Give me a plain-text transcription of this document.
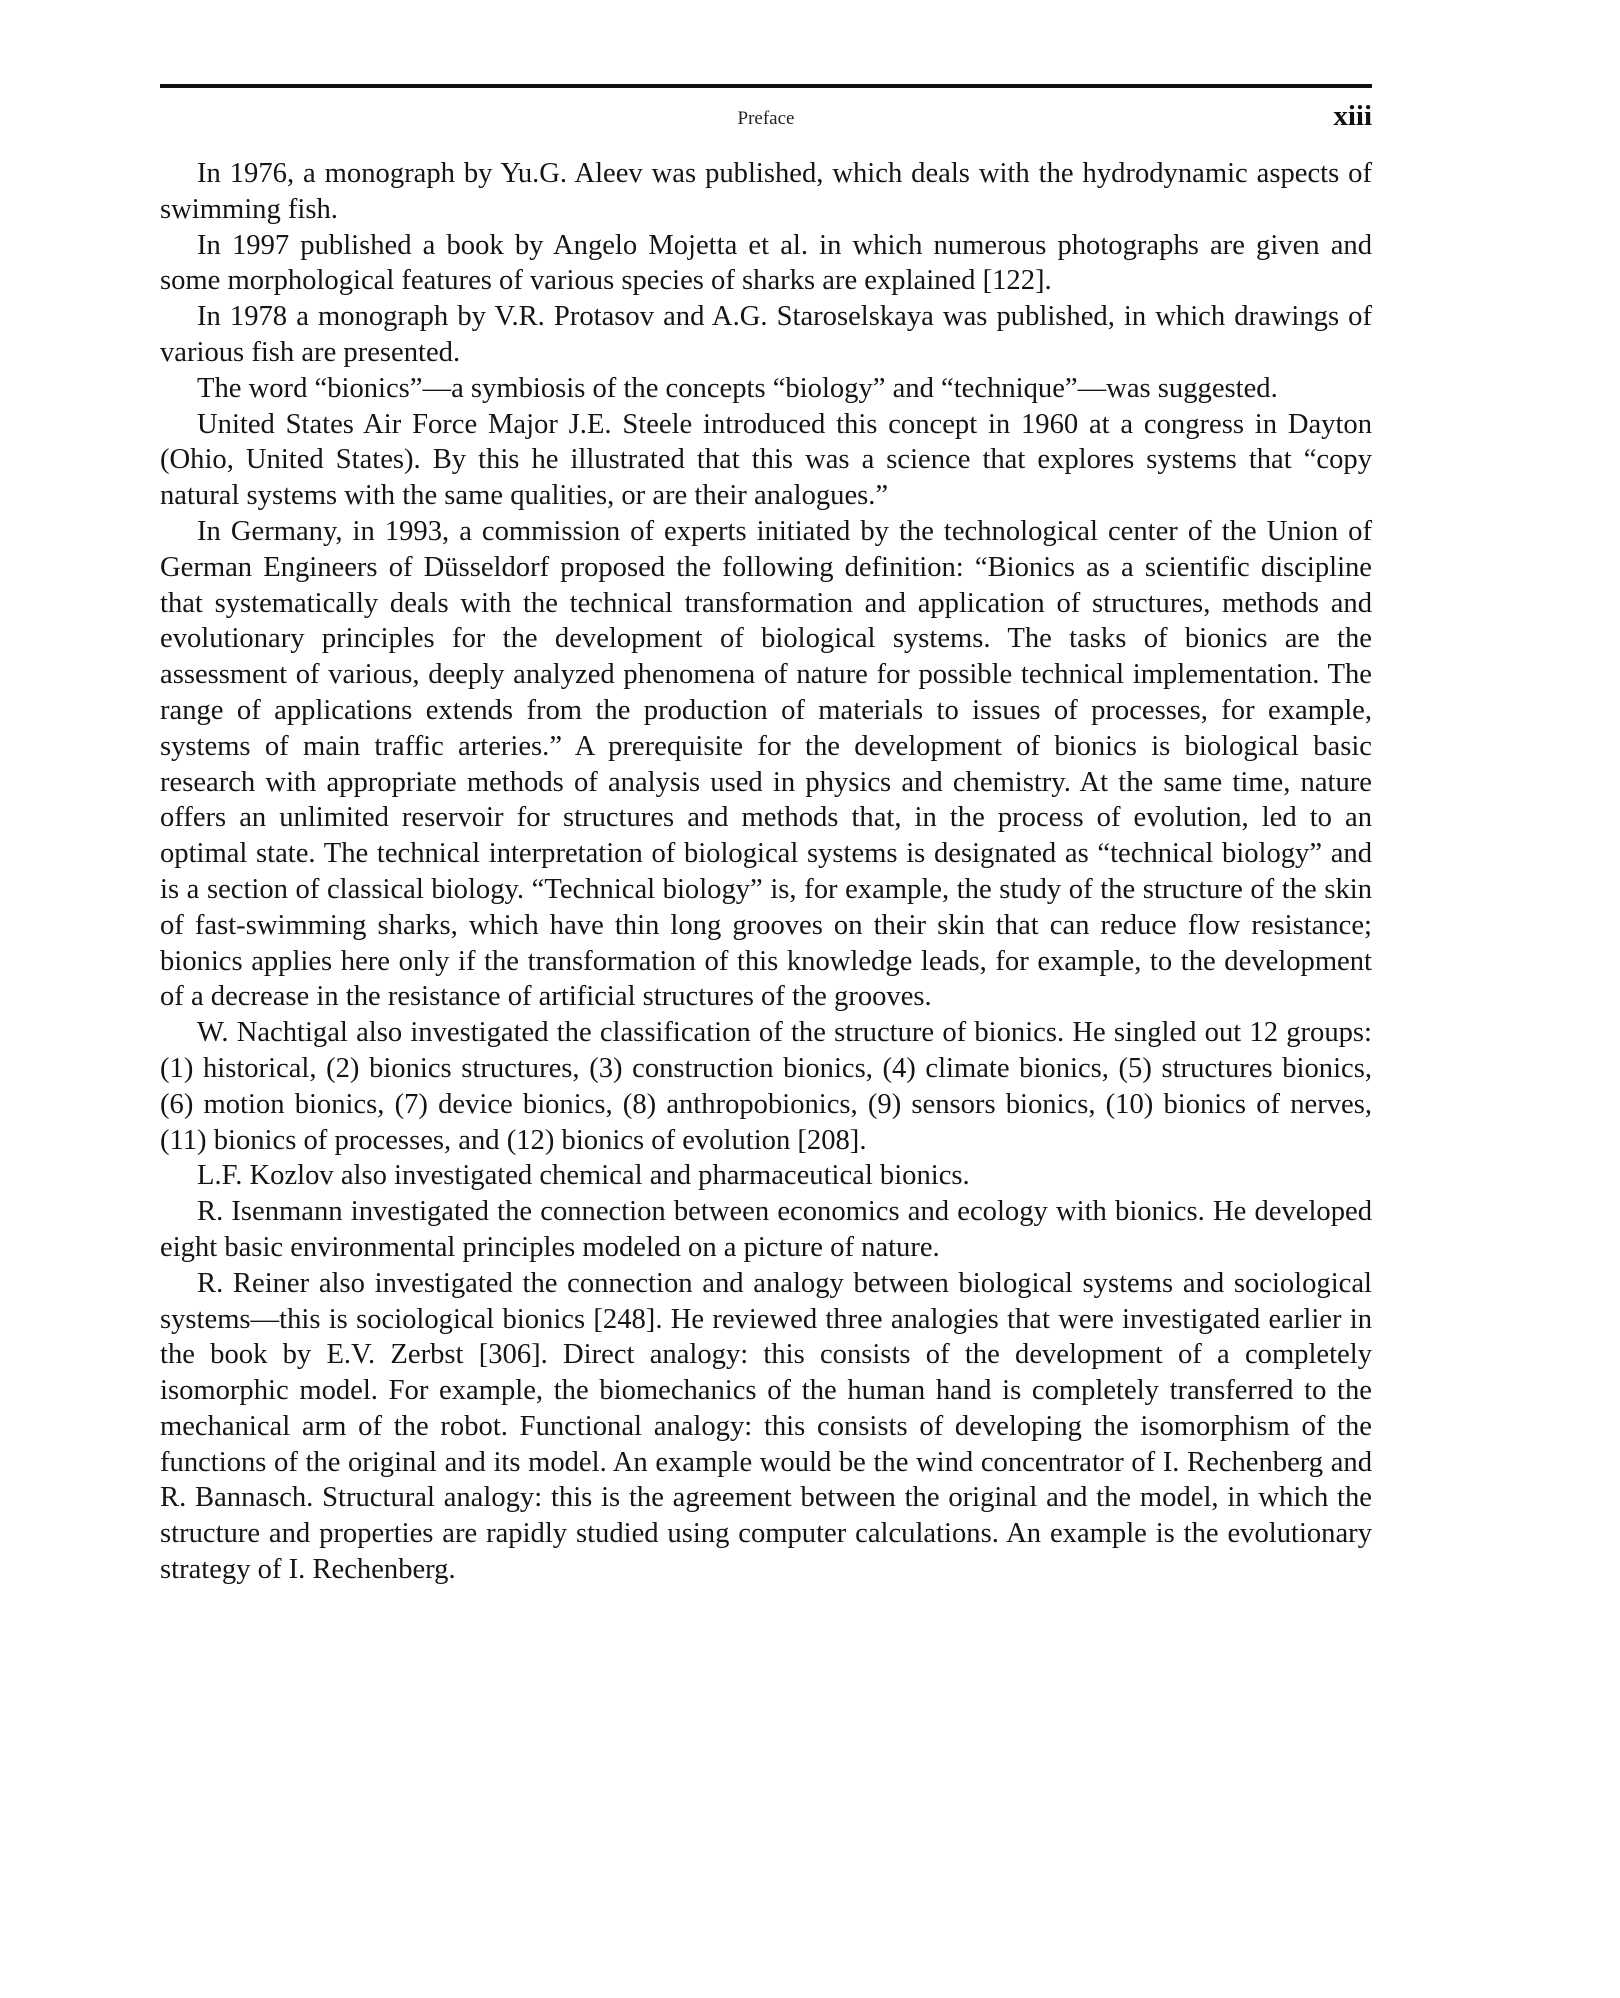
Preface	xiii

In 1976, a monograph by Yu.G. Aleev was published, which deals with the hydrodynamic aspects of swimming fish.

In 1997 published a book by Angelo Mojetta et al. in which numerous photographs are given and some morphological features of various species of sharks are explained [122].

In 1978 a monograph by V.R. Protasov and A.G. Staroselskaya was published, in which drawings of various fish are presented.

The word “bionics”—a symbiosis of the concepts “biology” and “technique”—was suggested.

United States Air Force Major J.E. Steele introduced this concept in 1960 at a congress in Dayton (Ohio, United States). By this he illustrated that this was a science that explores systems that “copy natural systems with the same qualities, or are their analogues.”

In Germany, in 1993, a commission of experts initiated by the technological center of the Union of German Engineers of Düsseldorf proposed the following definition: “Bionics as a scientific discipline that systematically deals with the technical transformation and application of structures, methods and evolutionary principles for the development of biological systems. The tasks of bionics are the assessment of various, deeply analyzed phenomena of nature for possible technical implementation. The range of applications extends from the production of materials to issues of processes, for example, systems of main traffic arteries.” A prerequisite for the development of bionics is biological basic research with appropriate methods of analysis used in physics and chemistry. At the same time, nature offers an unlimited reservoir for structures and methods that, in the process of evolution, led to an optimal state. The technical interpretation of biological systems is designated as “technical biology” and is a section of classical biology. “Technical biology” is, for example, the study of the structure of the skin of fast-swimming sharks, which have thin long grooves on their skin that can reduce flow resistance; bionics applies here only if the transformation of this knowledge leads, for example, to the development of a decrease in the resistance of artificial structures of the grooves.

W. Nachtigal also investigated the classification of the structure of bionics. He singled out 12 groups: (1) historical, (2) bionics structures, (3) construction bionics, (4) climate bionics, (5) structures bionics, (6) motion bionics, (7) device bionics, (8) anthropobionics, (9) sensors bionics, (10) bionics of nerves, (11) bionics of processes, and (12) bionics of evolution [208].

L.F. Kozlov also investigated chemical and pharmaceutical bionics.

R. Isenmann investigated the connection between economics and ecology with bionics. He developed eight basic environmental principles modeled on a picture of nature.

R. Reiner also investigated the connection and analogy between biological systems and sociological systems—this is sociological bionics [248]. He reviewed three analogies that were investigated earlier in the book by E.V. Zerbst [306]. Direct analogy: this consists of the development of a completely isomorphic model. For example, the biomechanics of the human hand is completely transferred to the mechanical arm of the robot. Functional analogy: this consists of developing the isomorphism of the functions of the original and its model. An example would be the wind concentrator of I. Rechenberg and R. Bannasch. Structural analogy: this is the agreement between the original and the model, in which the structure and properties are rapidly studied using computer calculations. An example is the evolutionary strategy of I. Rechenberg.
